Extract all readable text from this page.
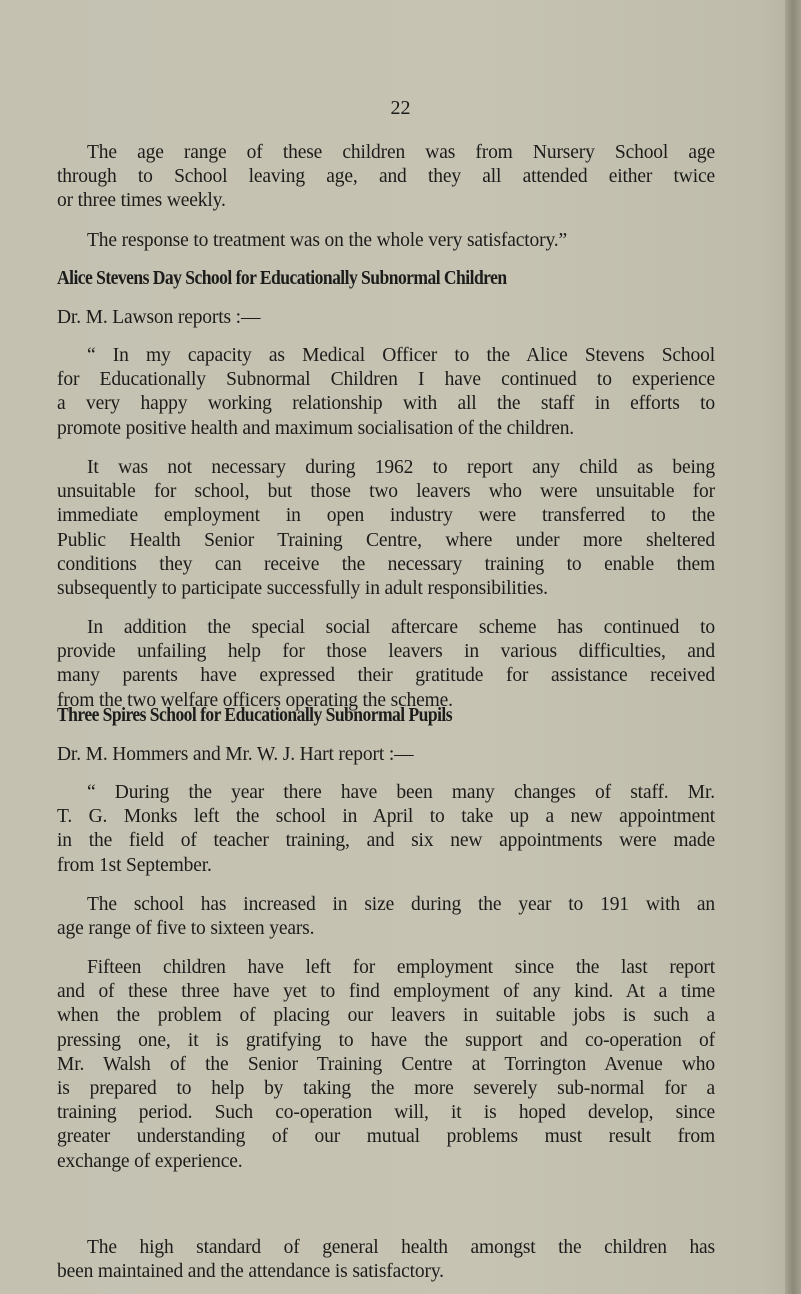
22
The age range of these children was from Nursery School age
through to School leaving age, and they all attended either twice
or three times weekly.
The response to treatment was on the whole very satisfactory.”
Alice Stevens Day School for Educationally Subnormal Children
Dr. M. Lawson reports :—
“ In my capacity as Medical Officer to the Alice Stevens School
for Educationally Subnormal Children I have continued to experience
a very happy working relationship with all the staff in efforts to
promote positive health and maximum socialisation of the children.
It was not necessary during 1962 to report any child as being
unsuitable for school, but those two leavers who were unsuitable for
immediate employment in open industry were transferred to the
Public Health Senior Training Centre, where under more sheltered
conditions they can receive the necessary training to enable them
subsequently to participate successfully in adult responsibilities.
In addition the special social aftercare scheme has continued to
provide unfailing help for those leavers in various difficulties, and
many parents have expressed their gratitude for assistance received
from the two welfare officers operating the scheme.
Three Spires School for Educationally Subnormal Pupils
Dr. M. Hommers and Mr. W. J. Hart report :—
“ During the year there have been many changes of staff. Mr.
T. G. Monks left the school in April to take up a new appointment
in the field of teacher training, and six new appointments were made
from 1st September.
The school has increased in size during the year to 191 with an
age range of five to sixteen years.
Fifteen children have left for employment since the last report
and of these three have yet to find employment of any kind. At a time
when the problem of placing our leavers in suitable jobs is such a
pressing one, it is gratifying to have the support and co-operation of
Mr. Walsh of the Senior Training Centre at Torrington Avenue who
is prepared to help by taking the more severely sub-normal for a
training period. Such co-operation will, it is hoped develop, since
greater understanding of our mutual problems must result from
exchange of experience.
The high standard of general health amongst the children has
been maintained and the attendance is satisfactory.
